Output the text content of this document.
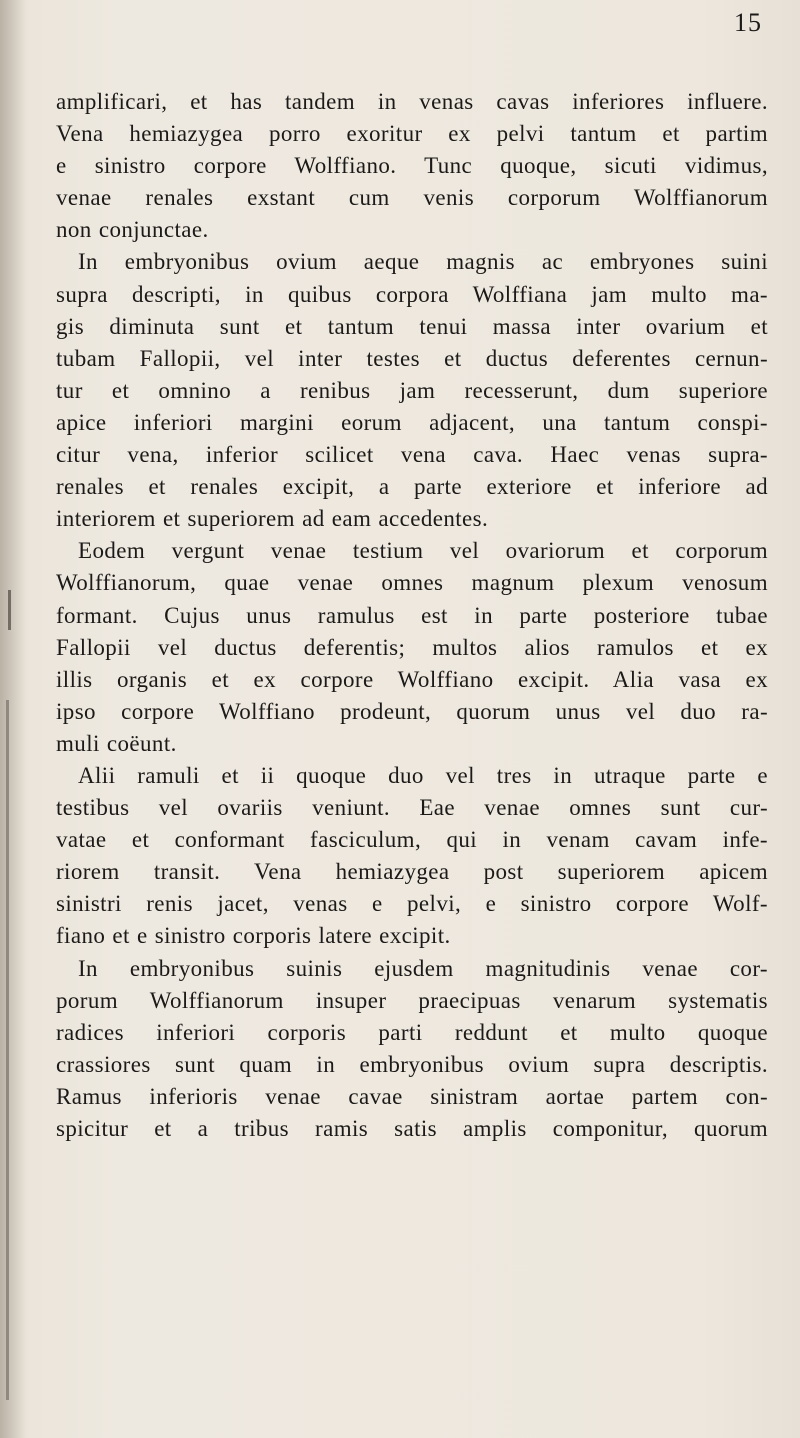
15
amplificari, et has tandem in venas cavas inferiores influere.
Vena hemiazygea porro exoritur ex pelvi tantum et partim
e sinistro corpore Wolffiano. Tunc quoque, sicuti vidimus,
venae renales exstant cum venis corporum Wolffianorum
non conjunctae.
In embryonibus ovium aeque magnis ac embryones suini
supra descripti, in quibus corpora Wolffiana jam multo ma-
gis diminuta sunt et tantum tenui massa inter ovarium et
tubam Fallopii, vel inter testes et ductus deferentes cernun-
tur et omnino a renibus jam recesserunt, dum superiore
apice inferiori margini eorum adjacent, una tantum conspi-
citur vena, inferior scilicet vena cava. Haec venas supra-
renales et renales excipit, a parte exteriore et inferiore ad
interiorem et superiorem ad eam accedentes.
Eodem vergunt venae testium vel ovariorum et corporum
Wolffianorum, quae venae omnes magnum plexum venosum
formant. Cujus unus ramulus est in parte posteriore tubae
Fallopii vel ductus deferentis; multos alios ramulos et ex
illis organis et ex corpore Wolffiano excipit. Alia vasa ex
ipso corpore Wolffiano prodeunt, quorum unus vel duo ra-
muli coëunt.
Alii ramuli et ii quoque duo vel tres in utraque parte e
testibus vel ovariis veniunt. Eae venae omnes sunt cur-
vatae et conformant fasciculum, qui in venam cavam infe-
riorem transit. Vena hemiazygea post superiorem apicem
sinistri renis jacet, venas e pelvi, e sinistro corpore Wolf-
fiano et e sinistro corporis latere excipit.
In embryonibus suinis ejusdem magnitudinis venae cor-
porum Wolffianorum insuper praecipuas venarum systematis
radices inferiori corporis parti reddunt et multo quoque
crassiores sunt quam in embryonibus ovium supra descriptis.
Ramus inferioris venae cavae sinistram aortae partem con-
spicitur et a tribus ramis satis amplis componitur, quorum
